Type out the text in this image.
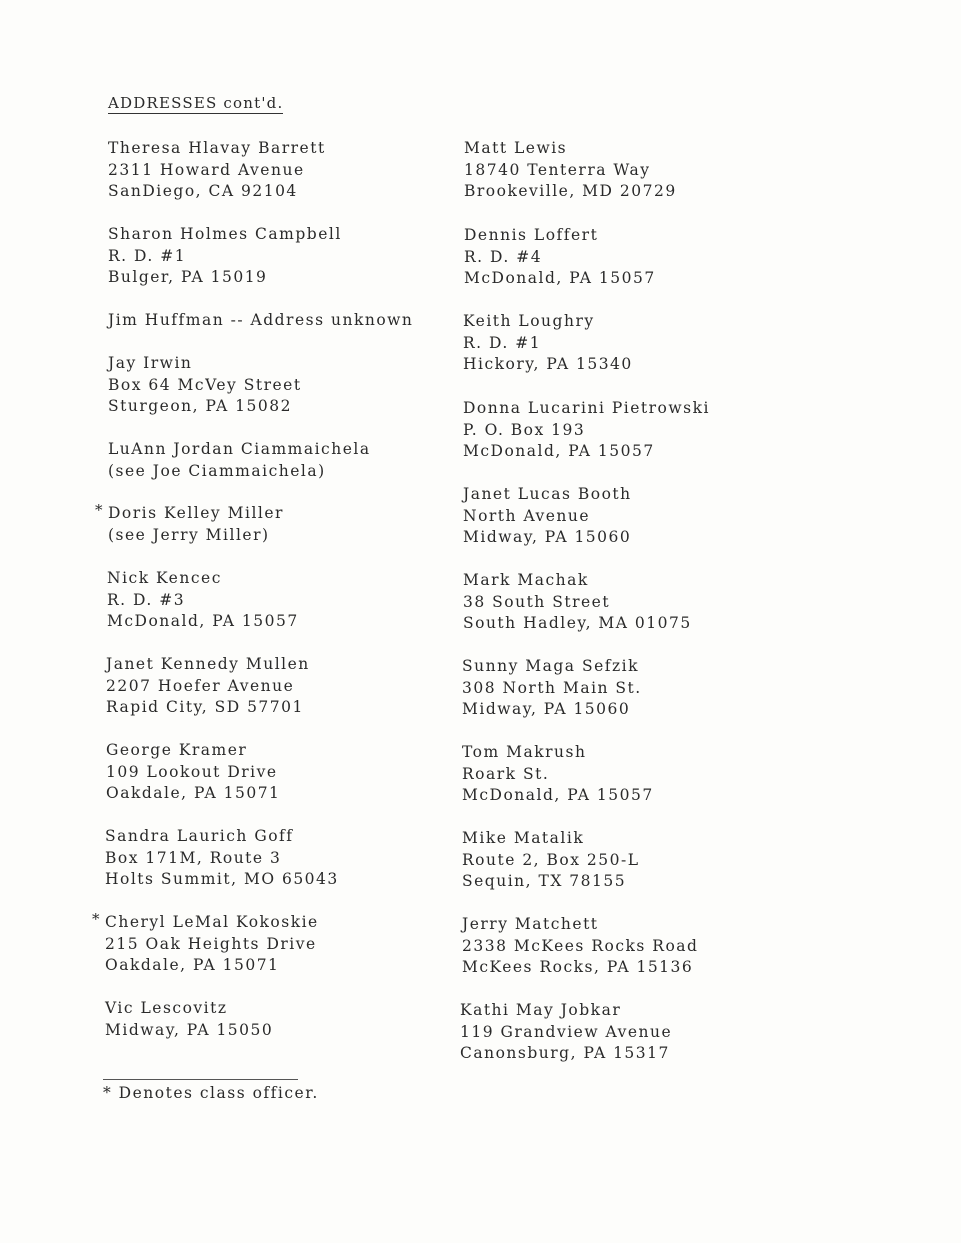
ADDRESSES cont'd.
Theresa Hlavay Barrett
2311 Howard Avenue
SanDiego, CA 92104
Sharon Holmes Campbell
R. D. #1
Bulger, PA 15019
Jim Huffman -- Address unknown
Jay Irwin
Box 64 McVey Street
Sturgeon, PA 15082
LuAnn Jordan Ciammaichela
(see Joe Ciammaichela)
* Doris Kelley Miller
(see Jerry Miller)
Nick Kencec
R. D. #3
McDonald, PA 15057
Janet Kennedy Mullen
2207 Hoefer Avenue
Rapid City, SD 57701
George Kramer
109 Lookout Drive
Oakdale, PA 15071
Sandra Laurich Goff
Box 171M, Route 3
Holts Summit, MO 65043
* Cheryl LeMal Kokoskie
215 Oak Heights Drive
Oakdale, PA 15071
Vic Lescovitz
Midway, PA 15050
Matt Lewis
18740 Tenterra Way
Brookeville, MD 20729
Dennis Loffert
R. D. #4
McDonald, PA 15057
Keith Loughry
R. D. #1
Hickory, PA 15340
Donna Lucarini Pietrowski
P. O. Box 193
McDonald, PA 15057
Janet Lucas Booth
North Avenue
Midway, PA 15060
Mark Machak
38 South Street
South Hadley, MA 01075
Sunny Maga Sefzik
308 North Main St.
Midway, PA 15060
Tom Makrush
Roark St.
McDonald, PA 15057
Mike Matalik
Route 2, Box 250-L
Sequin, TX 78155
Jerry Matchett
2338 McKees Rocks Road
McKees Rocks, PA 15136
Kathi May Jobkar
119 Grandview Avenue
Canonsburg, PA 15317
* Denotes class officer.
